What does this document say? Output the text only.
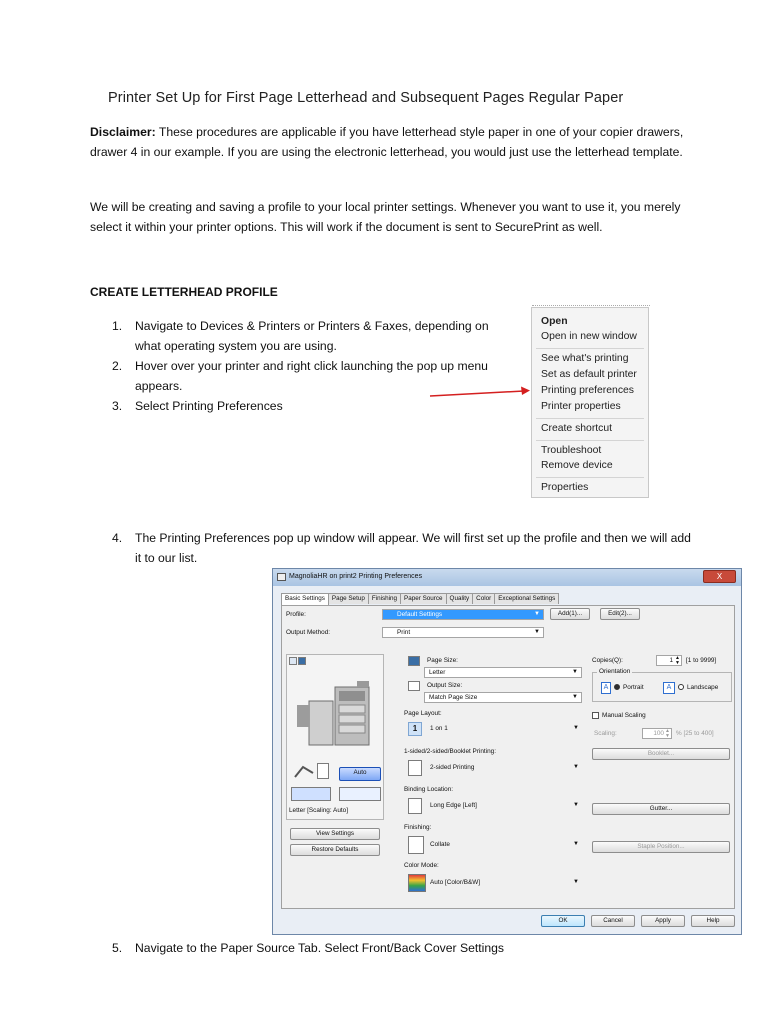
Printer Set Up for First Page Letterhead and Subsequent Pages Regular Paper
Disclaimer: These procedures are applicable if you have letterhead style paper in one of your copier drawers, drawer 4 in our example. If you are using the electronic letterhead, you would just use the letterhead template.
We will be creating and saving a profile to your local printer settings. Whenever you want to use it, you merely select it within your printer options. This will work if the document is sent to SecurePrint as well.
CREATE LETTERHEAD PROFILE
1. Navigate to Devices & Printers or Printers & Faxes, depending on what operating system you are using.
2. Hover over your printer and right click launching the pop up menu appears.
3. Select Printing Preferences
Open
Open in new window
See what's printing
Set as default printer
Printing preferences
Printer properties
Create shortcut
Troubleshoot
Remove device
Properties
4. The Printing Preferences pop up window will appear. We will first set up the profile and then we will add it to our list.
MagnoliaHR on print2 Printing Preferences	X
Basic Settings	Page Setup	Finishing	Paper Source	Quality	Color	Exceptional Settings
Profile:	Default Settings	▼	Add(1)...	Edit(2)...
Output Method:	Print	▼
Auto
Letter [Scaling: Auto]
View Settings
Restore Defaults
Page Size:
Letter	▼
Output Size:
Match Page Size	▼
Page Layout:
1	1 on 1	▼
1-sided/2-sided/Booklet Printing:
2-sided Printing	▼
Binding Location:
Long Edge [Left]	▼
Finishing:
Collate	▼
Color Mode:
Auto [Color/B&W]	▼
Copies(Q):	1 ▲
▼ [1 to 9999]
Orientation
A	Portrait	A	Landscape
Manual Scaling
Scaling:	100 ▲
▼ % [25 to 400]
Booklet...
Gutter...
Staple Position...
OK	Cancel	Apply	Help
5. Navigate to the Paper Source Tab. Select Front/Back Cover Settings
